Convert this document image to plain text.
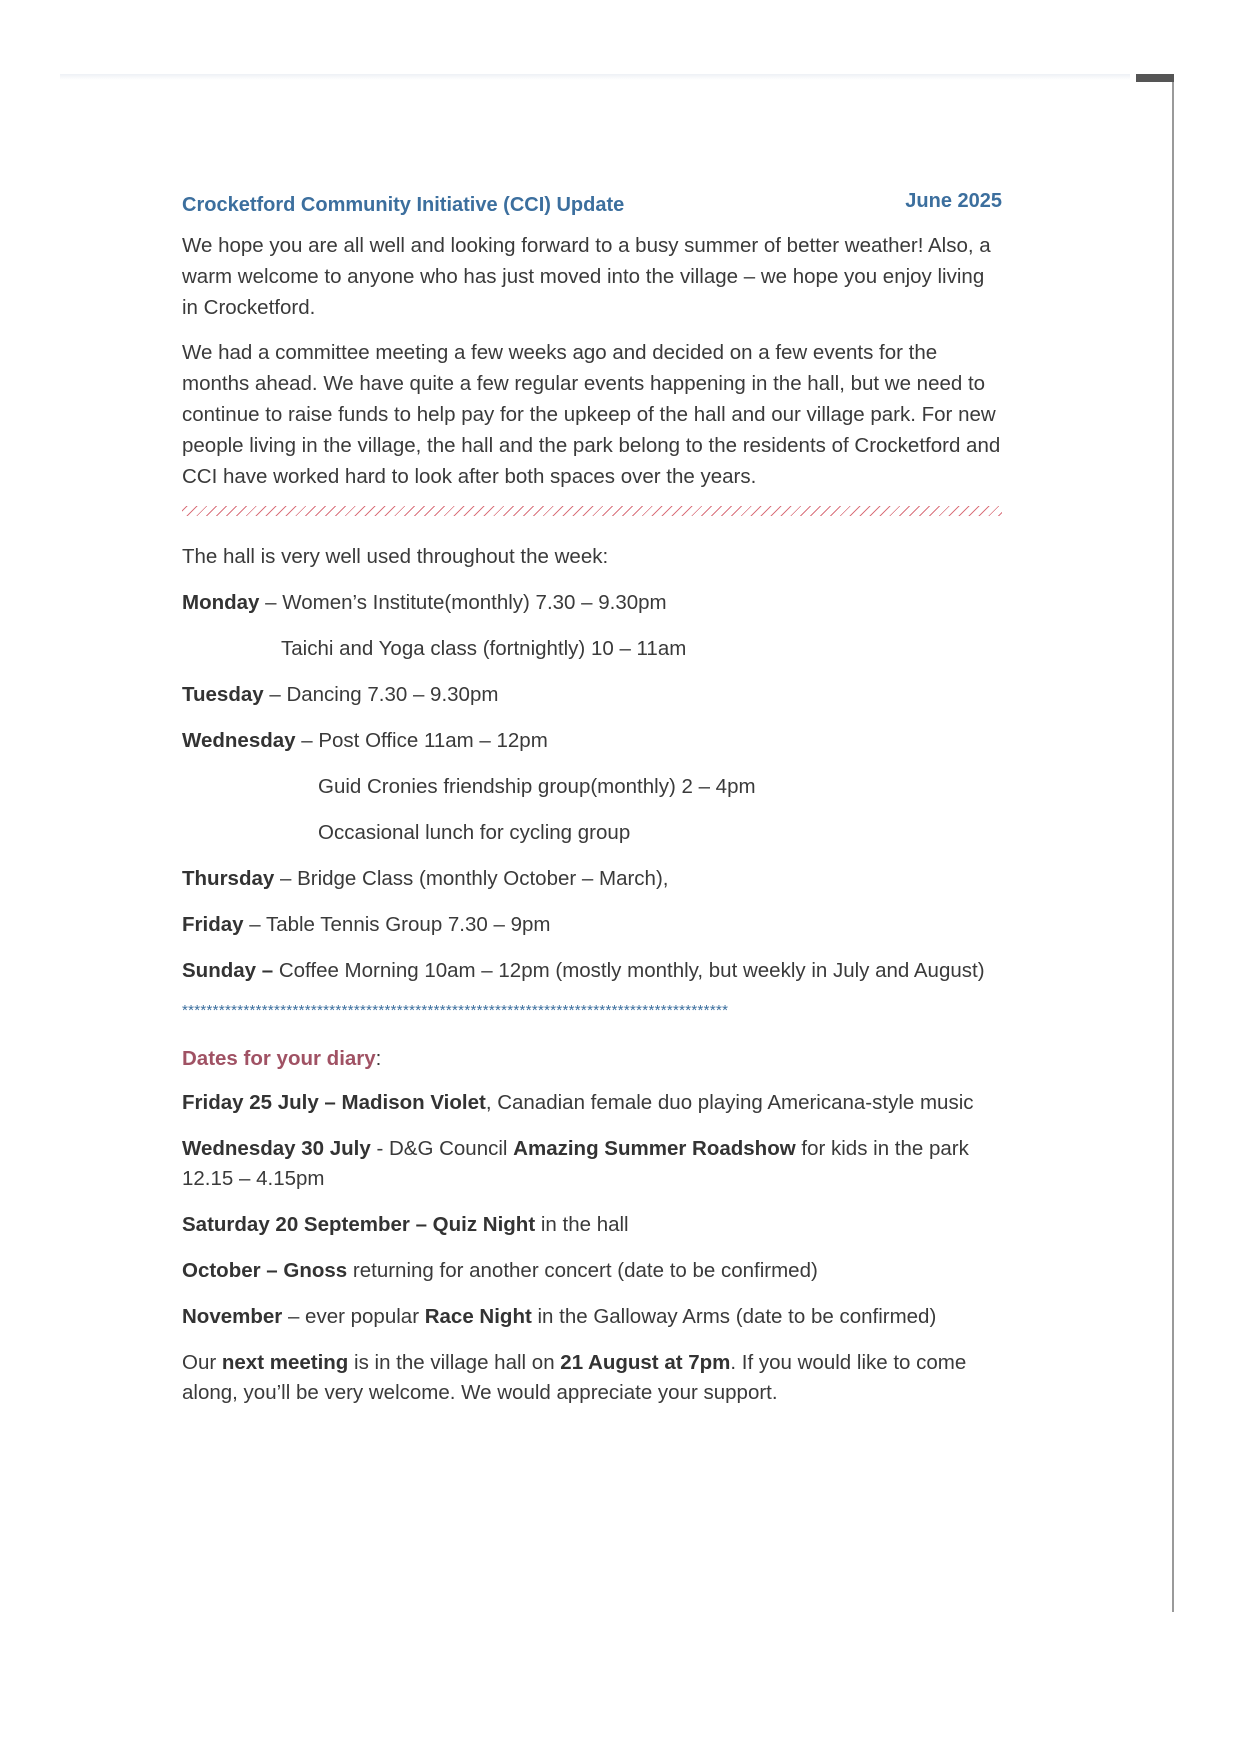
Crocketford Community Initiative (CCI) Update	June 2025

We hope you are all well and looking forward to a busy summer of better weather! Also, a warm welcome to anyone who has just moved into the village – we hope you enjoy living in Crocketford.

We had a committee meeting a few weeks ago and decided on a few events for the months ahead. We have quite a few regular events happening in the hall, but we need to continue to raise funds to help pay for the upkeep of the hall and our village park. For new people living in the village, the hall and the park belong to the residents of Crocketford and CCI have worked hard to look after both spaces over the years.

The hall is very well used throughout the week:
Monday – Women’s Institute(monthly) 7.30 – 9.30pm
Taichi and Yoga class (fortnightly) 10 – 11am
Tuesday – Dancing 7.30 – 9.30pm
Wednesday – Post Office 11am – 12pm
Guid Cronies friendship group(monthly) 2 – 4pm
Occasional lunch for cycling group
Thursday – Bridge Class (monthly October – March),
Friday – Table Tennis Group 7.30 – 9pm
Sunday – Coffee Morning 10am – 12pm (mostly monthly, but weekly in July and August)
*****************************************************************************************
Dates for your diary:
Friday 25 July – Madison Violet, Canadian female duo playing Americana-style music
Wednesday 30 July - D&G Council Amazing Summer Roadshow for kids in the park 12.15 – 4.15pm
Saturday 20 September – Quiz Night in the hall
October – Gnoss returning for another concert (date to be confirmed)
November – ever popular Race Night in the Galloway Arms (date to be confirmed)
Our next meeting is in the village hall on 21 August at 7pm. If you would like to come along, you’ll be very welcome. We would appreciate your support.
